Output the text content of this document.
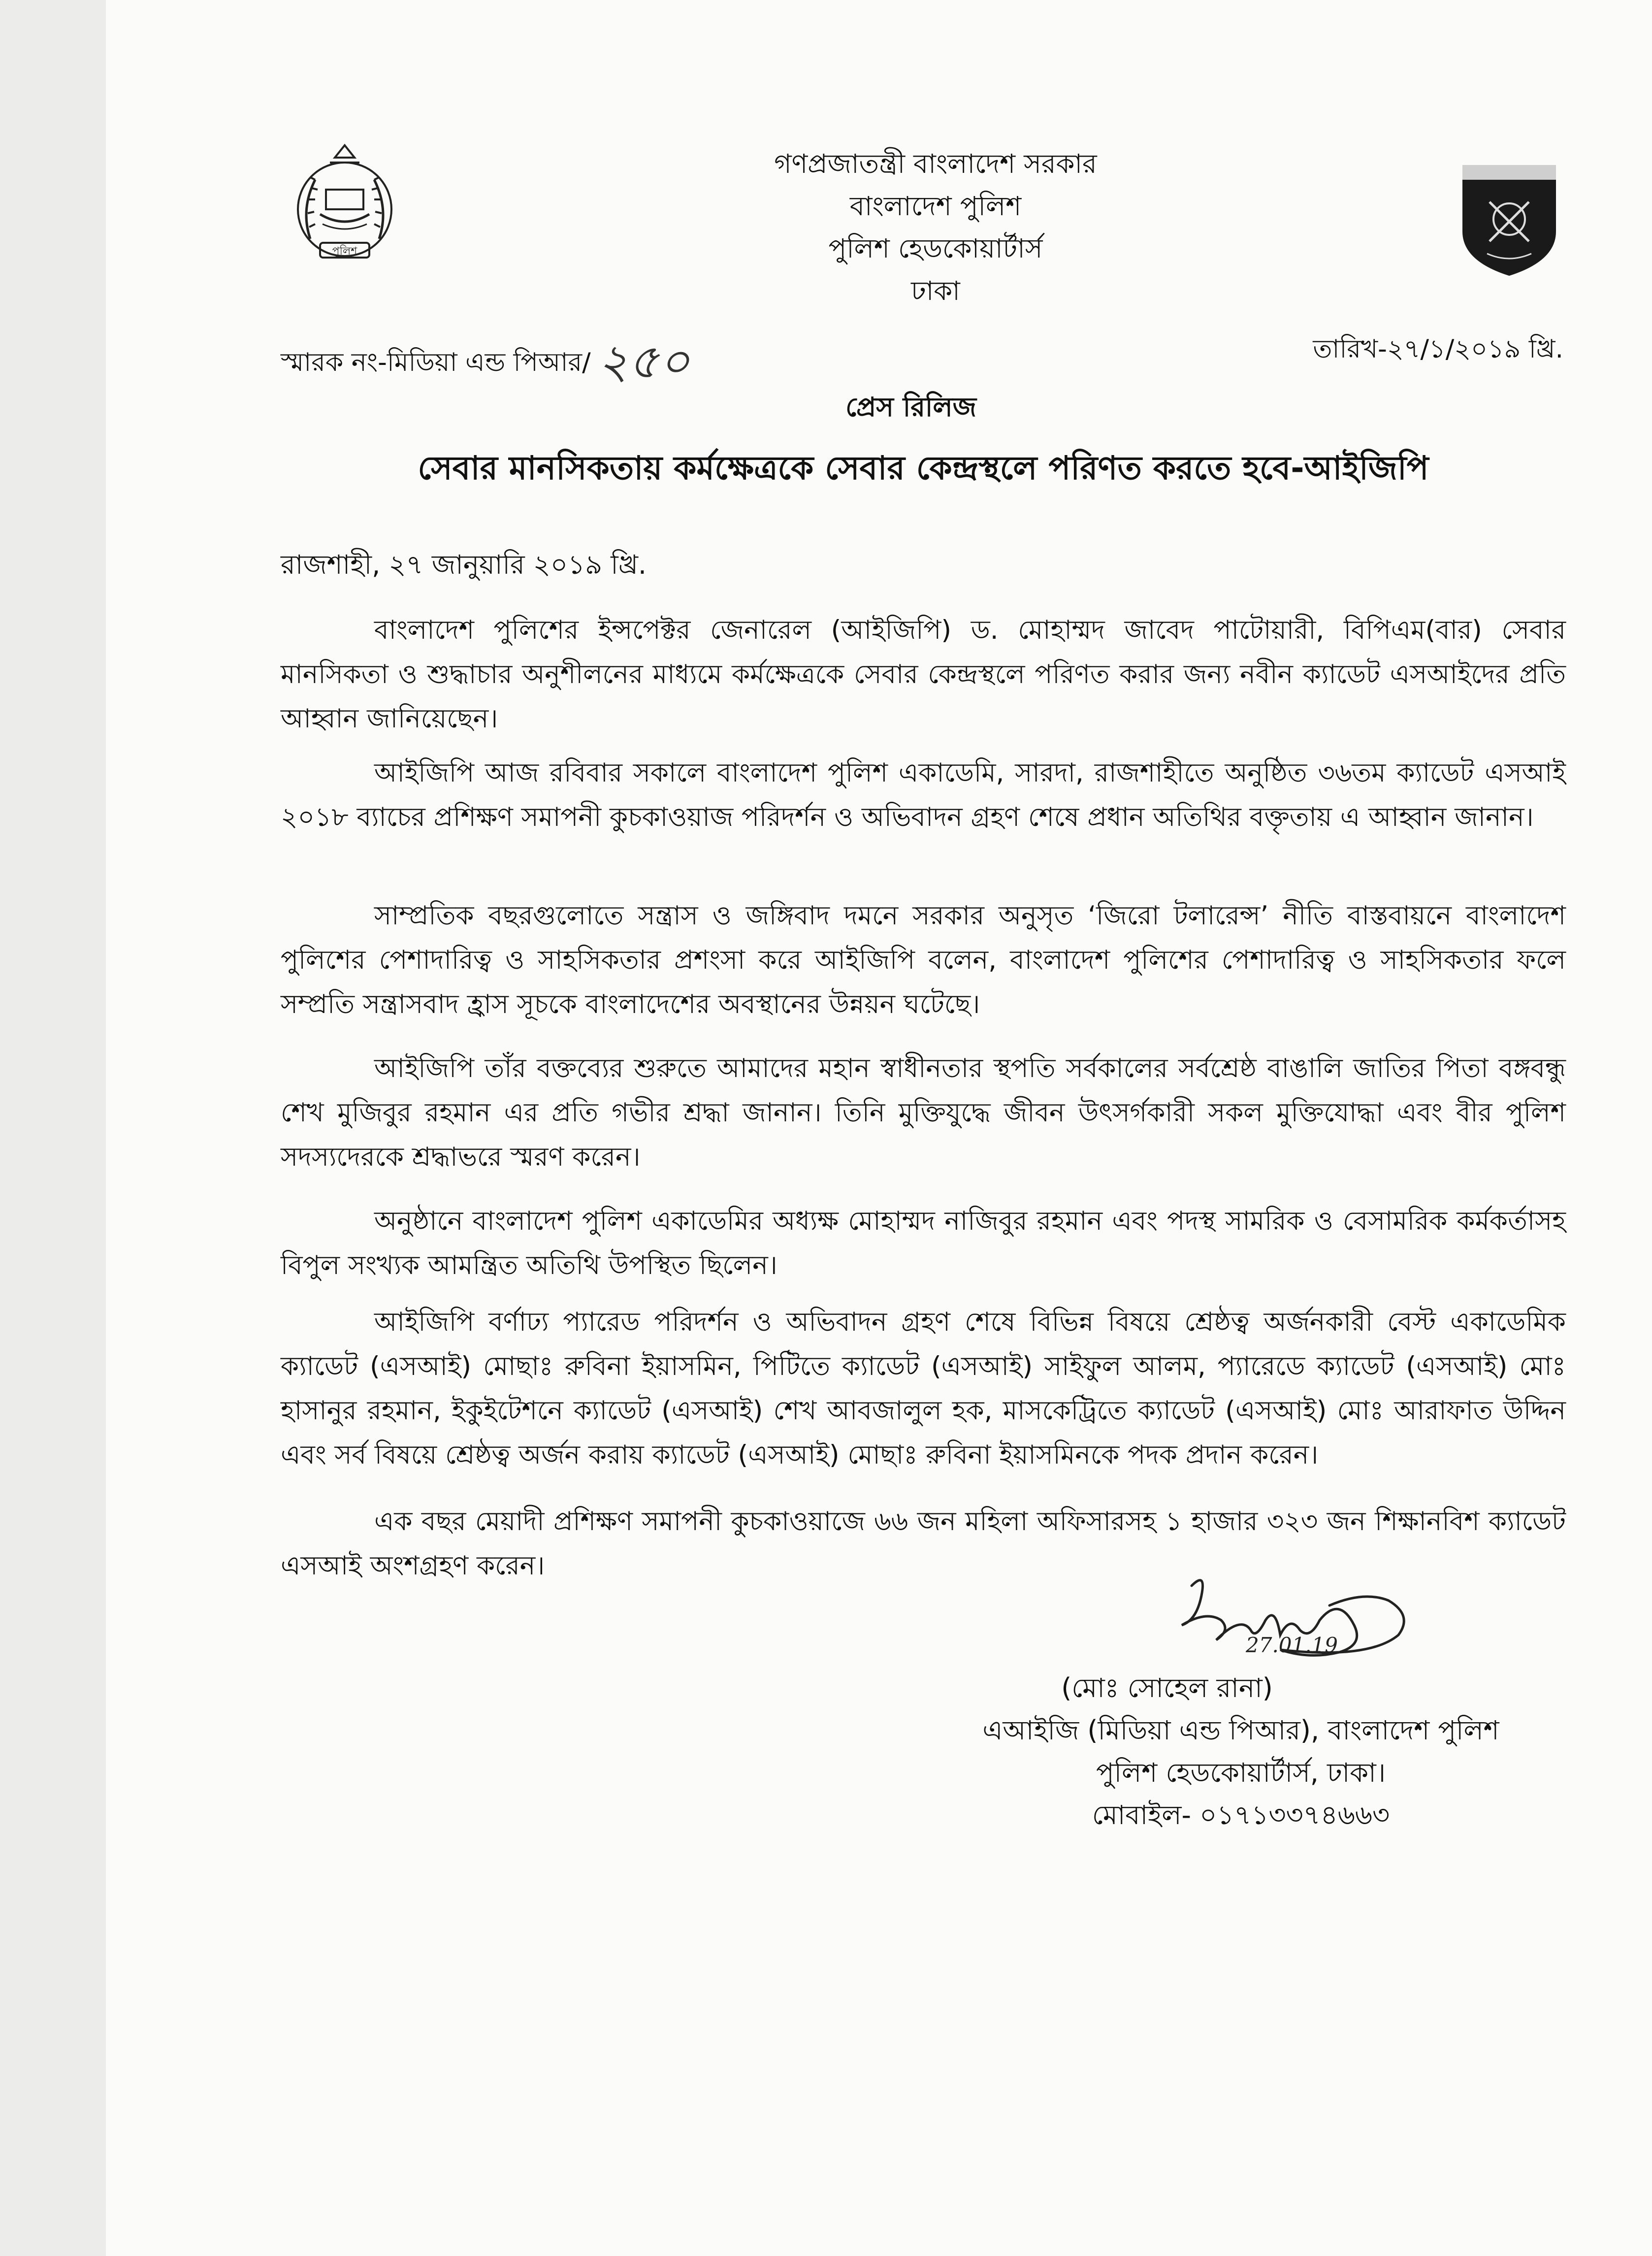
পুলিশ
গণপ্রজাতন্ত্রী বাংলাদেশ সরকার
বাংলাদেশ পুলিশ
পুলিশ হেডকোয়ার্টার্স
ঢাকা
স্মারক নং-মিডিয়া এন্ড পিআর/ ২৫০	তারিখ-২৭/১/২০১৯ খ্রি.
প্রেস রিলিজ
সেবার মানসিকতায় কর্মক্ষেত্রকে সেবার কেন্দ্রস্থলে পরিণত করতে হবে-আইজিপি
রাজশাহী, ২৭ জানুয়ারি ২০১৯ খ্রি.

বাংলাদেশ পুলিশের ইন্সপেক্টর জেনারেল (আইজিপি) ড. মোহাম্মদ জাবেদ পাটোয়ারী, বিপিএম(বার) সেবার মানসিকতা ও শুদ্ধাচার অনুশীলনের মাধ্যমে কর্মক্ষেত্রকে সেবার কেন্দ্রস্থলে পরিণত করার জন্য নবীন ক্যাডেট এসআইদের প্রতি আহ্বান জানিয়েছেন।

আইজিপি আজ রবিবার সকালে বাংলাদেশ পুলিশ একাডেমি, সারদা, রাজশাহীতে অনুষ্ঠিত ৩৬তম ক্যাডেট এসআই ২০১৮ ব্যাচের প্রশিক্ষণ সমাপনী কুচকাওয়াজ পরিদর্শন ও অভিবাদন গ্রহণ শেষে প্রধান অতিথির বক্তৃতায় এ আহ্বান জানান।

সাম্প্রতিক বছরগুলোতে সন্ত্রাস ও জঙ্গিবাদ দমনে সরকার অনুসৃত ‘জিরো টলারেন্স’ নীতি বাস্তবায়নে বাংলাদেশ পুলিশের পেশাদারিত্ব ও সাহসিকতার প্রশংসা করে আইজিপি বলেন, বাংলাদেশ পুলিশের পেশাদারিত্ব ও সাহসিকতার ফলে সম্প্রতি সন্ত্রাসবাদ হ্রাস সূচকে বাংলাদেশের অবস্থানের উন্নয়ন ঘটেছে।

আইজিপি তাঁর বক্তব্যের শুরুতে আমাদের মহান স্বাধীনতার স্থপতি সর্বকালের সর্বশ্রেষ্ঠ বাঙালি জাতির পিতা বঙ্গবন্ধু শেখ মুজিবুর রহমান এর প্রতি গভীর শ্রদ্ধা জানান। তিনি মুক্তিযুদ্ধে জীবন উৎসর্গকারী সকল মুক্তিযোদ্ধা এবং বীর পুলিশ সদস্যদেরকে শ্রদ্ধাভরে স্মরণ করেন।

অনুষ্ঠানে বাংলাদেশ পুলিশ একাডেমির অধ্যক্ষ মোহাম্মদ নাজিবুর রহমান এবং পদস্থ সামরিক ও বেসামরিক কর্মকর্তাসহ বিপুল সংখ্যক আমন্ত্রিত অতিথি উপস্থিত ছিলেন।

আইজিপি বর্ণাঢ্য প্যারেড পরিদর্শন ও অভিবাদন গ্রহণ শেষে বিভিন্ন বিষয়ে শ্রেষ্ঠত্ব অর্জনকারী বেস্ট একাডেমিক ক্যাডেট (এসআই) মোছাঃ রুবিনা ইয়াসমিন, পিটিতে ক্যাডেট (এসআই) সাইফুল আলম, প্যারেডে ক্যাডেট (এসআই) মোঃ হাসানুর রহমান, ইকুইটেশনে ক্যাডেট (এসআই) শেখ আবজালুল হক, মাসকেট্রিতে ক্যাডেট (এসআই) মোঃ আরাফাত উদ্দিন এবং সর্ব বিষয়ে শ্রেষ্ঠত্ব অর্জন করায় ক্যাডেট (এসআই) মোছাঃ রুবিনা ইয়াসমিনকে পদক প্রদান করেন।

এক বছর মেয়াদী প্রশিক্ষণ সমাপনী কুচকাওয়াজে ৬৬ জন মহিলা অফিসারসহ ১ হাজার ৩২৩ জন শিক্ষানবিশ ক্যাডেট এসআই অংশগ্রহণ করেন।

27.01.19
(মোঃ সোহেল রানা)
এআইজি (মিডিয়া এন্ড পিআর), বাংলাদেশ পুলিশ
পুলিশ হেডকোয়ার্টার্স, ঢাকা।
মোবাইল- ০১৭১৩৩৭৪৬৬৩
